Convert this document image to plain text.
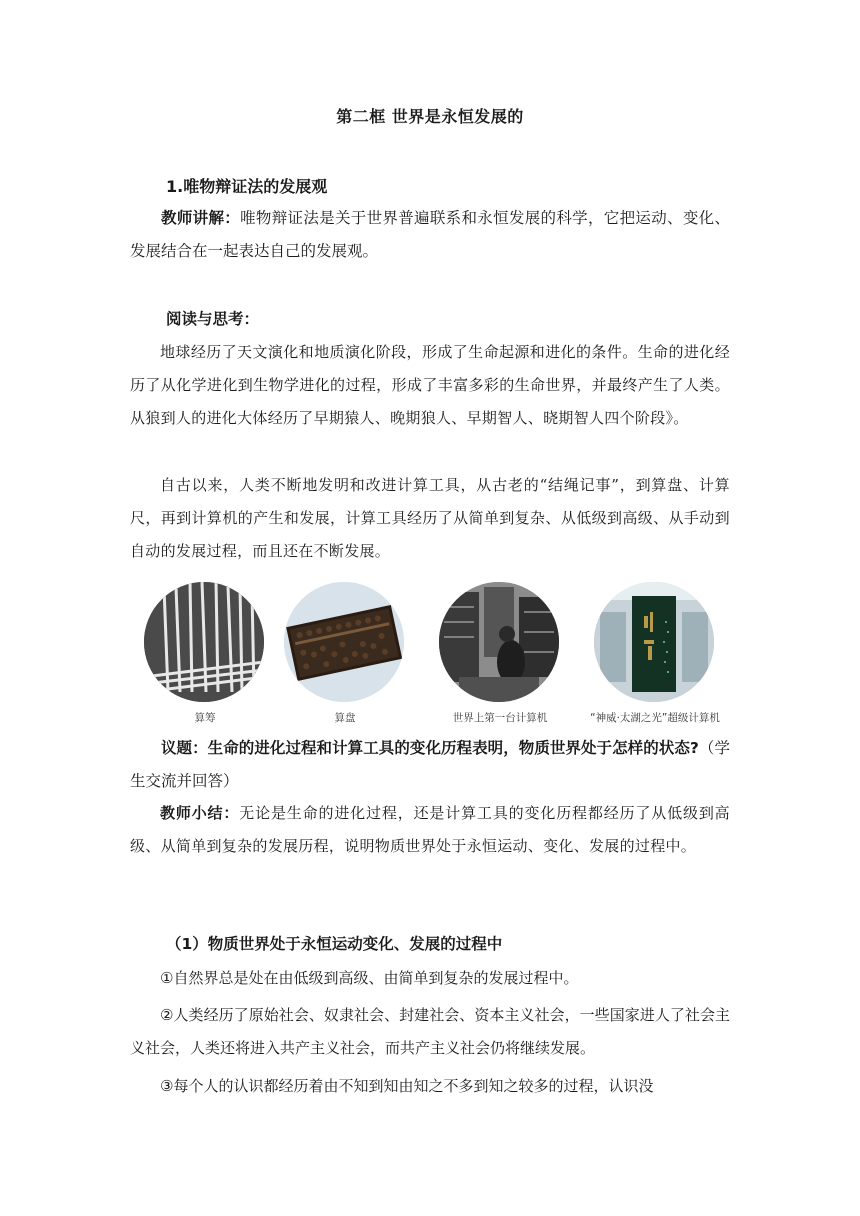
第二框 世界是永恒发展的
1.唯物辩证法的发展观

教师讲解：唯物辩证法是关于世界普遍联系和永恒发展的科学，它把运动、变化、发展结合在一起表达自己的发展观。

阅读与思考：

地球经历了天文演化和地质演化阶段，形成了生命起源和进化的条件。生命的进化经历了从化学进化到生物学进化的过程，形成了丰富多彩的生命世界，并最终产生了人类。从狼到人的进化大体经历了早期猿人、晚期狼人、早期智人、晓期智人四个阶段》。

自古以来，人类不断地发明和改进计算工具，从古老的“结绳记事”，到算盘、计算尺，再到计算机的产生和发展，计算工具经历了从简单到复杂、从低级到高级、从手动到自动的发展过程，而且还在不断发展。

算筹	算盘	世界上第一台计算机	“神威·太湖之光”超级计算机

议题：生命的进化过程和计算工具的变化历程表明，物质世界处于怎样的状态?（学生交流并回答）

教师小结：无论是生命的进化过程，还是计算工具的变化历程都经历了从低级到高级、从简单到复杂的发展历程，说明物质世界处于永恒运动、变化、发展的过程中。

（1）物质世界处于永恒运动变化、发展的过程中

①自然界总是处在由低级到高级、由简单到复杂的发展过程中。

②人类经历了原始社会、奴隶社会、封建社会、资本主义社会，一些国家进人了社会主义社会，人类还将进入共产主义社会，而共产主义社会仍将继续发展。

③每个人的认识都经历着由不知到知由知之不多到知之较多的过程，认识没
